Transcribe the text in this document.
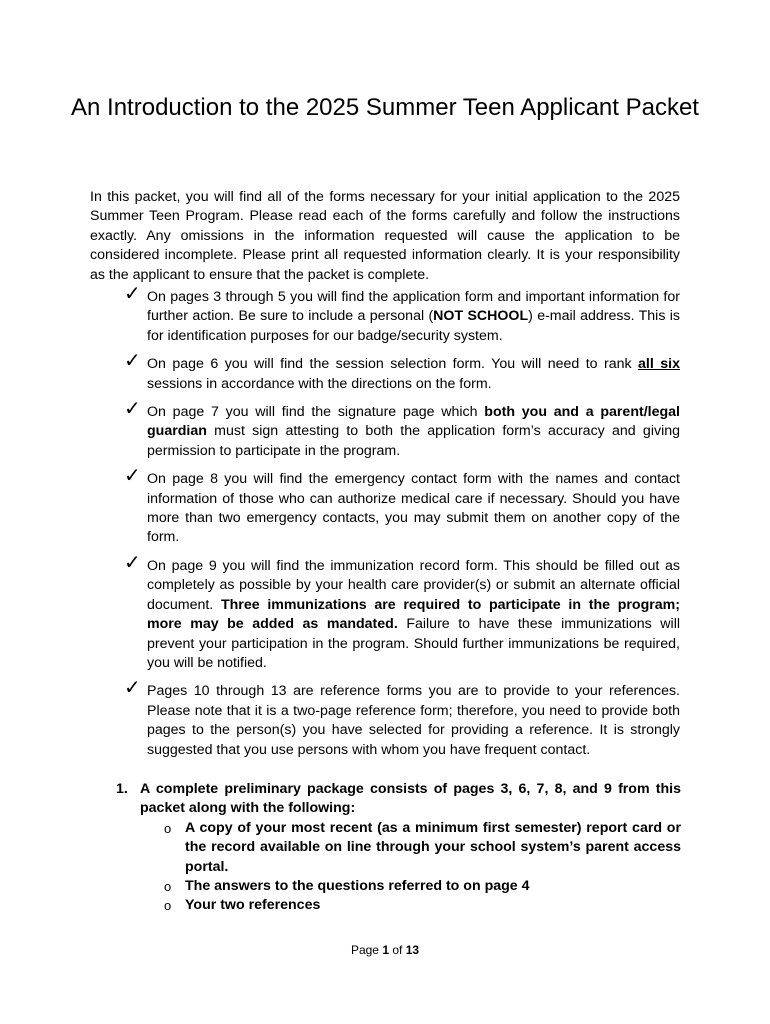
An Introduction to the 2025 Summer Teen Applicant Packet

In this packet, you will find all of the forms necessary for your initial application to the 2025 Summer Teen Program. Please read each of the forms carefully and follow the instructions exactly. Any omissions in the information requested will cause the application to be considered incomplete. Please print all requested information clearly. It is your responsibility as the applicant to ensure that the packet is complete.

✓ On pages 3 through 5 you will find the application form and important information for further action. Be sure to include a personal (NOT SCHOOL) e-mail address. This is for identification purposes for our badge/security system.
✓ On page 6 you will find the session selection form. You will need to rank all six sessions in accordance with the directions on the form.
✓ On page 7 you will find the signature page which both you and a parent/legal guardian must sign attesting to both the application form’s accuracy and giving permission to participate in the program.
✓ On page 8 you will find the emergency contact form with the names and contact information of those who can authorize medical care if necessary. Should you have more than two emergency contacts, you may submit them on another copy of the form.
✓ On page 9 you will find the immunization record form. This should be filled out as completely as possible by your health care provider(s) or submit an alternate official document. Three immunizations are required to participate in the program; more may be added as mandated. Failure to have these immunizations will prevent your participation in the program. Should further immunizations be required, you will be notified.
✓ Pages 10 through 13 are reference forms you are to provide to your references. Please note that it is a two-page reference form; therefore, you need to provide both pages to the person(s) you have selected for providing a reference. It is strongly suggested that you use persons with whom you have frequent contact.
1. A complete preliminary package consists of pages 3, 6, 7, 8, and 9 from this packet along with the following:
o A copy of your most recent (as a minimum first semester) report card or the record available on line through your school system’s parent access portal.
o The answers to the questions referred to on page 4
o Your two references
Page 1 of 13
